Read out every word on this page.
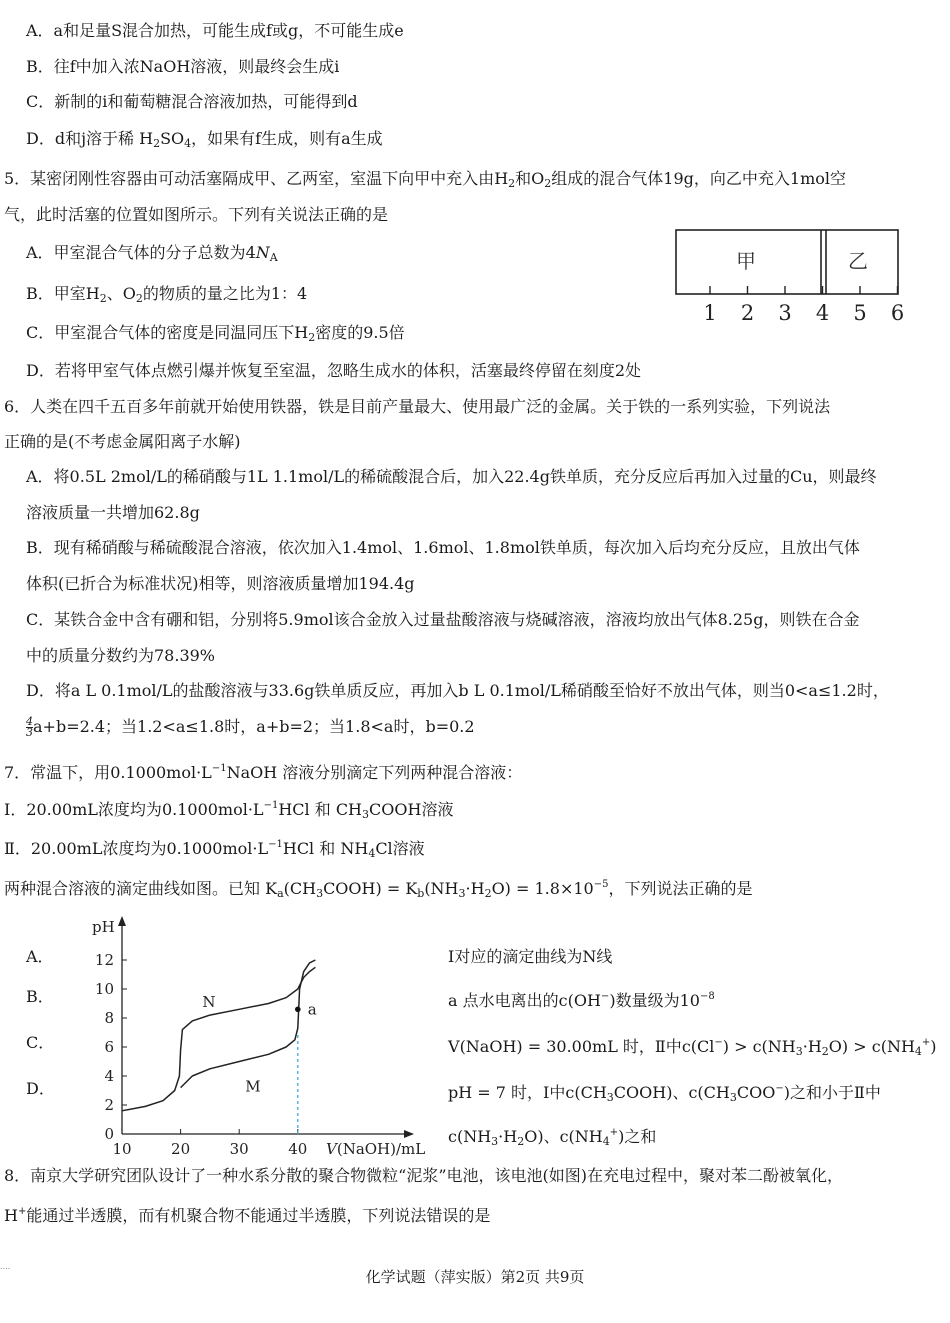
A．a和足量S混合加热，可能生成f或g，不可能生成e
B．往f中加入浓NaOH溶液，则最终会生成i
C．新制的i和葡萄糖混合溶液加热，可能得到d
D．d和j溶于稀 $H_2SO_4$，如果有f生成，则有a生成
5．某密闭刚性容器由可动活塞隔成甲、乙两室，室温下向甲中充入由$H_2$和$O_2$组成的混合气体19g，向乙中充入1mol空
气，此时活塞的位置如图所示。下列有关说法正确的是
A．甲室混合气体的分子总数为$4N_A$
B．甲室$H_2$、$O_2$的物质的量之比为1：4
C．甲室混合气体的密度是同温同压下$H_2$密度的9.5倍
D．若将甲室气体点燃引爆并恢复至室温，忽略生成水的体积，活塞最终停留在刻度2处
甲	乙
1 2 3 4 5 6
6．人类在四千五百多年前就开始使用铁器，铁是目前产量最大、使用最广泛的金属。关于铁的一系列实验，下列说法
正确的是(不考虑金属阳离子水解)
A．将0.5L 2mol/L的稀硝酸与1L 1.1mol/L的稀硫酸混合后，加入22.4g铁单质，充分反应后再加入过量的Cu，则最终
溶液质量一共增加62.8g
B．现有稀硝酸与稀硫酸混合溶液，依次加入1.4mol、1.6mol、1.8mol铁单质，每次加入后均充分反应，且放出气体
体积(已折合为标准状况)相等，则溶液质量增加194.4g
C．某铁合金中含有硼和铝，分别将5.9mol该合金放入过量盐酸溶液与烧碱溶液，溶液均放出气体8.25g，则铁在合金
中的质量分数约为78.39%
D．将a L 0.1mol/L的盐酸溶液与33.6g铁单质反应，再加入b L 0.1mol/L稀硝酸至恰好不放出气体，则当0<a≤1.2时，
$\frac{4}{3} a+b=2.4$；当1.2<a≤1.8时，a+b=2；当1.8<a时，b=0.2
7．常温下，用$0.1000mol\cdot L^{-1}NaOH$ 溶液分别滴定下列两种混合溶液：
Ⅰ．20.00mL浓度均为$0.1000mol\cdot L^{-1}HCl$ 和 $CH_3COOH$溶液
Ⅱ．20.00mL浓度均为$0.1000mol\cdot L^{-1}HCl$ 和 $NH_4Cl$溶液
两种混合溶液的滴定曲线如图。已知 $K_a(CH_3COOH) = K_b(NH_3\cdot H_2O) = 1.8\times 10^{-5}$，下列说法正确的是
A．
B．
C．
D．
pH
V(NaOH)/mL
0
2
4
6
8
10
12
10	20	30	40
N
M
a
Ⅰ对应的滴定曲线为N线
a 点水电离出的c(OH−)数量级为$10^{-8}$
V(NaOH) = 30.00mL 时，Ⅱ中$c(Cl^-) > c(NH_3\cdot H_2O) > c(NH_4^+)$
pH = 7 时，Ⅰ中$c(CH_3COOH)$、$c(CH_3COO^-)$之和小于Ⅱ中
$c(NH_3\cdot H_2O)$、$c(NH_4^+)$之和
8．南京大学研究团队设计了一种水系分散的聚合物微粒“泥浆”电池，该电池(如图)在充电过程中，聚对苯二酚被氧化，
H+能通过半透膜，而有机聚合物不能通过半透膜，下列说法错误的是
....
化学试题（萍实版）第2页 共9页
